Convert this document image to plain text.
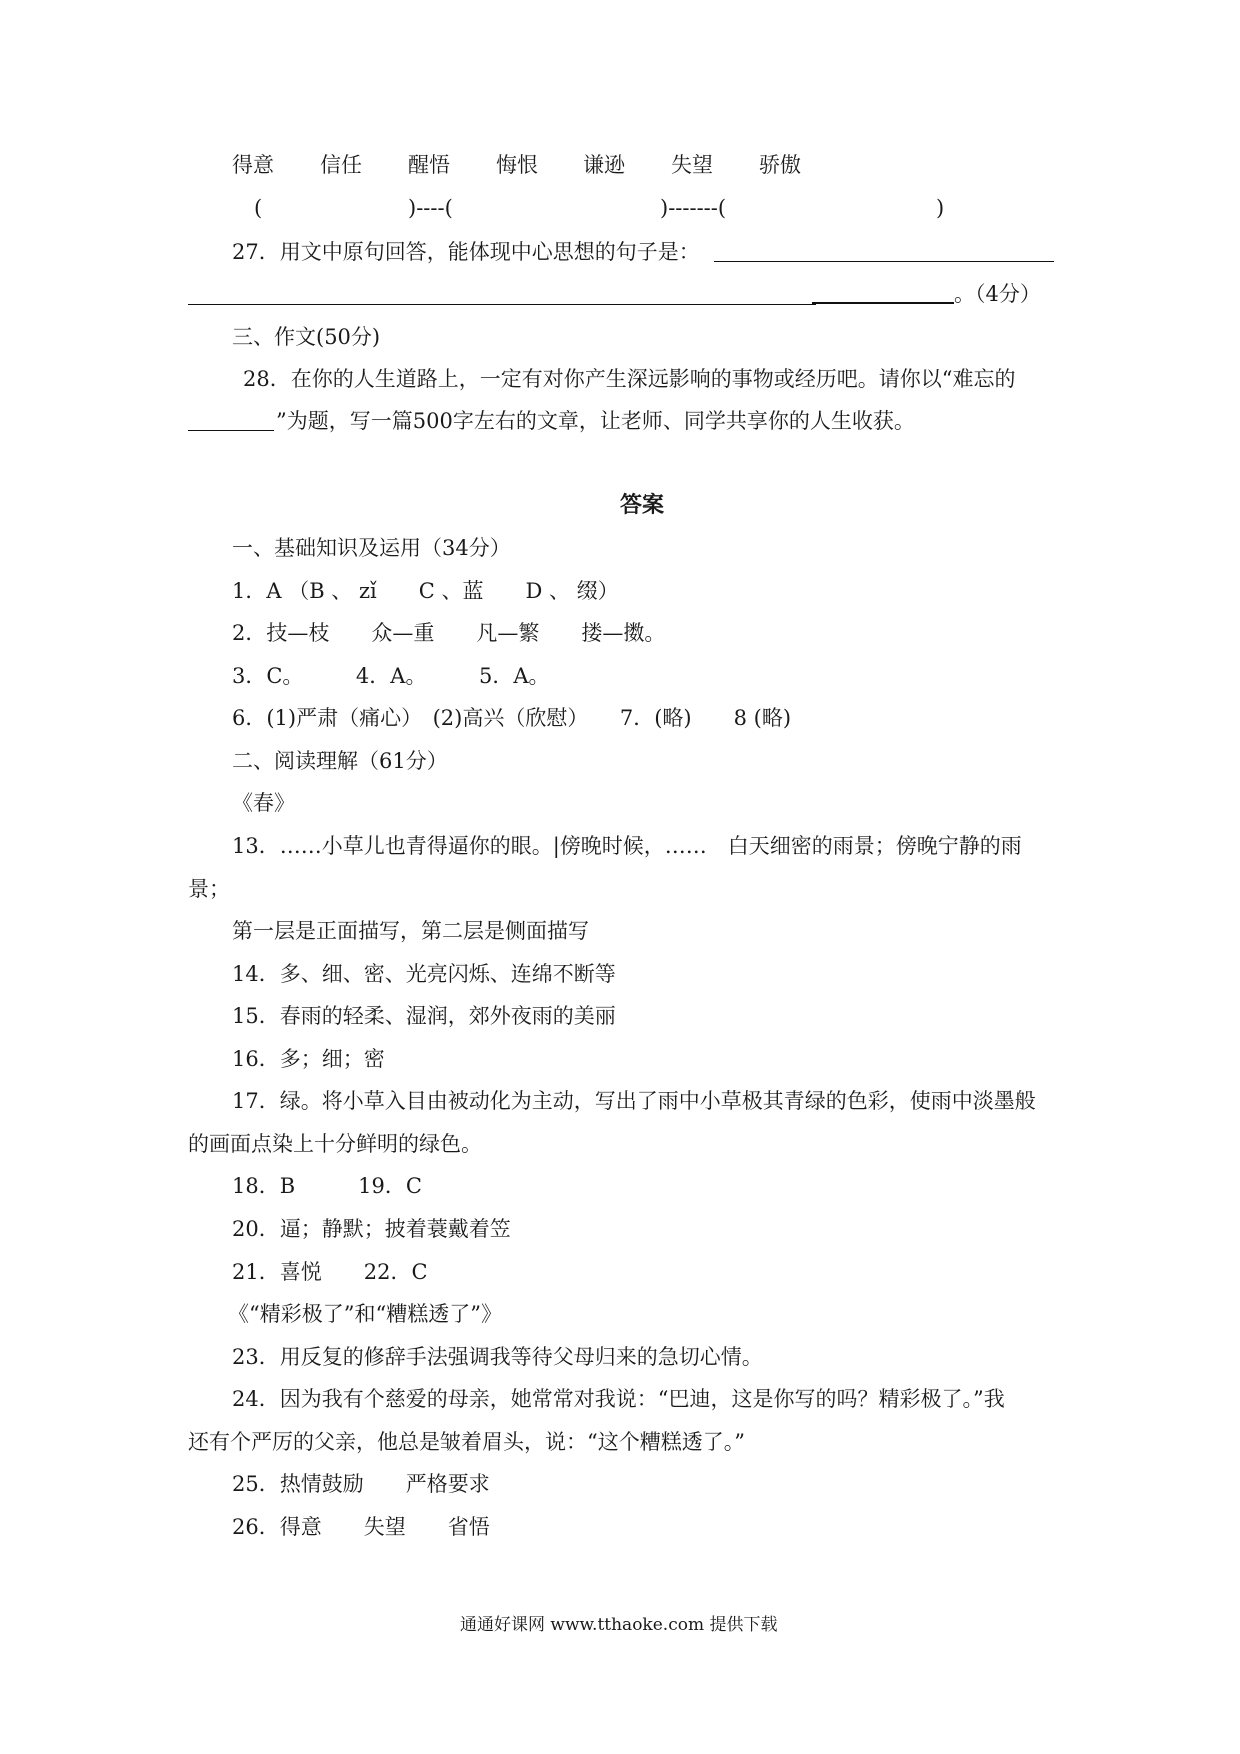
得意 信任 醒悟 悔恨 谦逊 失望 骄傲
(	)----(	)-------(	)
27．用文中原句回答，能体现中心思想的句子是：
。（4分）
三、作文(50分)
28．在你的人生道路上，一定有对你产生深远影响的事物或经历吧。请你以“难忘的
”为题，写一篇500字左右的文章，让老师、同学共享你的人生收获。
答案
一、基础知识及运用（34分）
1．A （B 、 zǐ　　C 、蓝　　D 、 缀）
2．技—枝　　众—重　　凡—繁　　搂—擞。
3．C。　　　4．A。　　　5．A。
6．(1)严肃（痛心）　(2)高兴（欣慰）　　7．(略)　　8 (略)
二、阅读理解（61分）
《春》
13．……小草儿也青得逼你的眼。|傍晚时候，……　白天细密的雨景；傍晚宁静的雨
景；
第一层是正面描写，第二层是侧面描写
14．多、细、密、光亮闪烁、连绵不断等
15．春雨的轻柔、湿润，郊外夜雨的美丽
16．多；细；密
17．绿。将小草入目由被动化为主动，写出了雨中小草极其青绿的色彩，使雨中淡墨般
的画面点染上十分鲜明的绿色。
18．B　　　19．C
20．逼；静默；披着蓑戴着笠
21．喜悦　　22．C
《“精彩极了”和“糟糕透了”》
23．用反复的修辞手法强调我等待父母归来的急切心情。
24．因为我有个慈爱的母亲，她常常对我说：“巴迪，这是你写的吗？精彩极了。”我
还有个严厉的父亲，他总是皱着眉头，说：“这个糟糕透了。”
25．热情鼓励　　严格要求
26．得意　　失望　　省悟
通通好课网 www.tthaoke.com 提供下载
